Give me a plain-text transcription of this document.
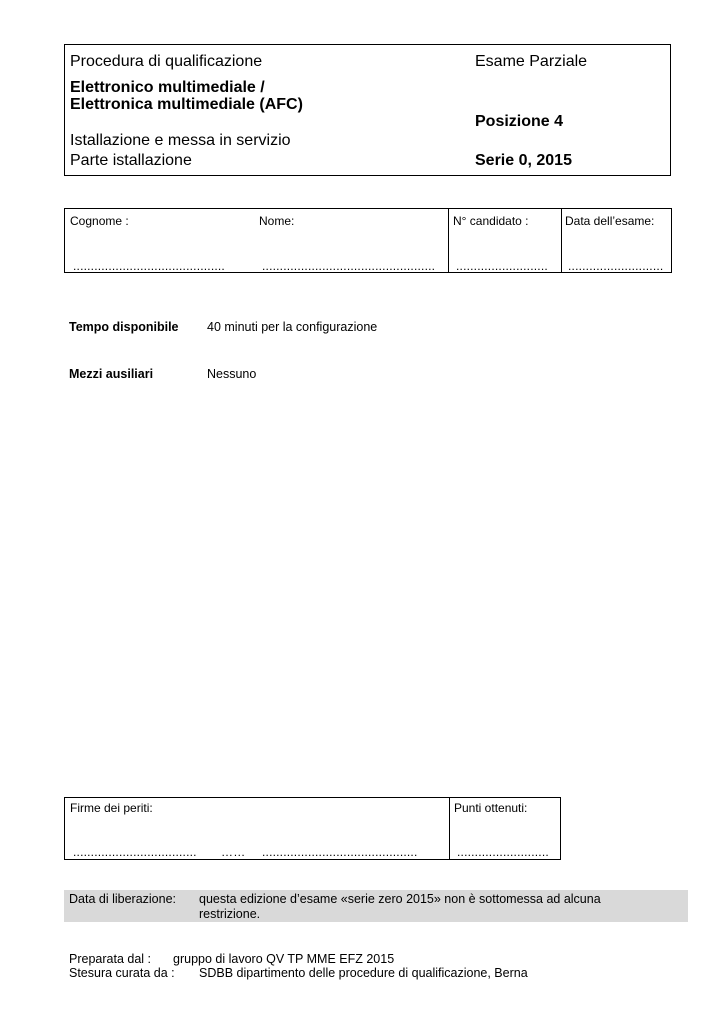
Procedura di qualificazione	Esame Parziale
Elettronico multimediale /
Elettronica multimediale (AFC)
Posizione 4
Istallazione e messa in servizio
Parte istallazione	Serie 0, 2015
Cognome :	Nome:	N° candidato :	Data dell’esame:
...........................................	.................................................	..........................	...........................
Tempo disponibile 40 minuti per la configurazione
Mezzi ausiliari	Nessuno
Firme dei periti:	Punti ottenuti:
...................................	……	............................................	..........................
Data di liberazione: questa edizione d’esame «serie zero 2015» non è sottomessa ad alcuna
restrizione.
Preparata dal : gruppo di lavoro QV TP MME EFZ 2015
Stesura curata da : SDBB dipartimento delle procedure di qualificazione, Berna
